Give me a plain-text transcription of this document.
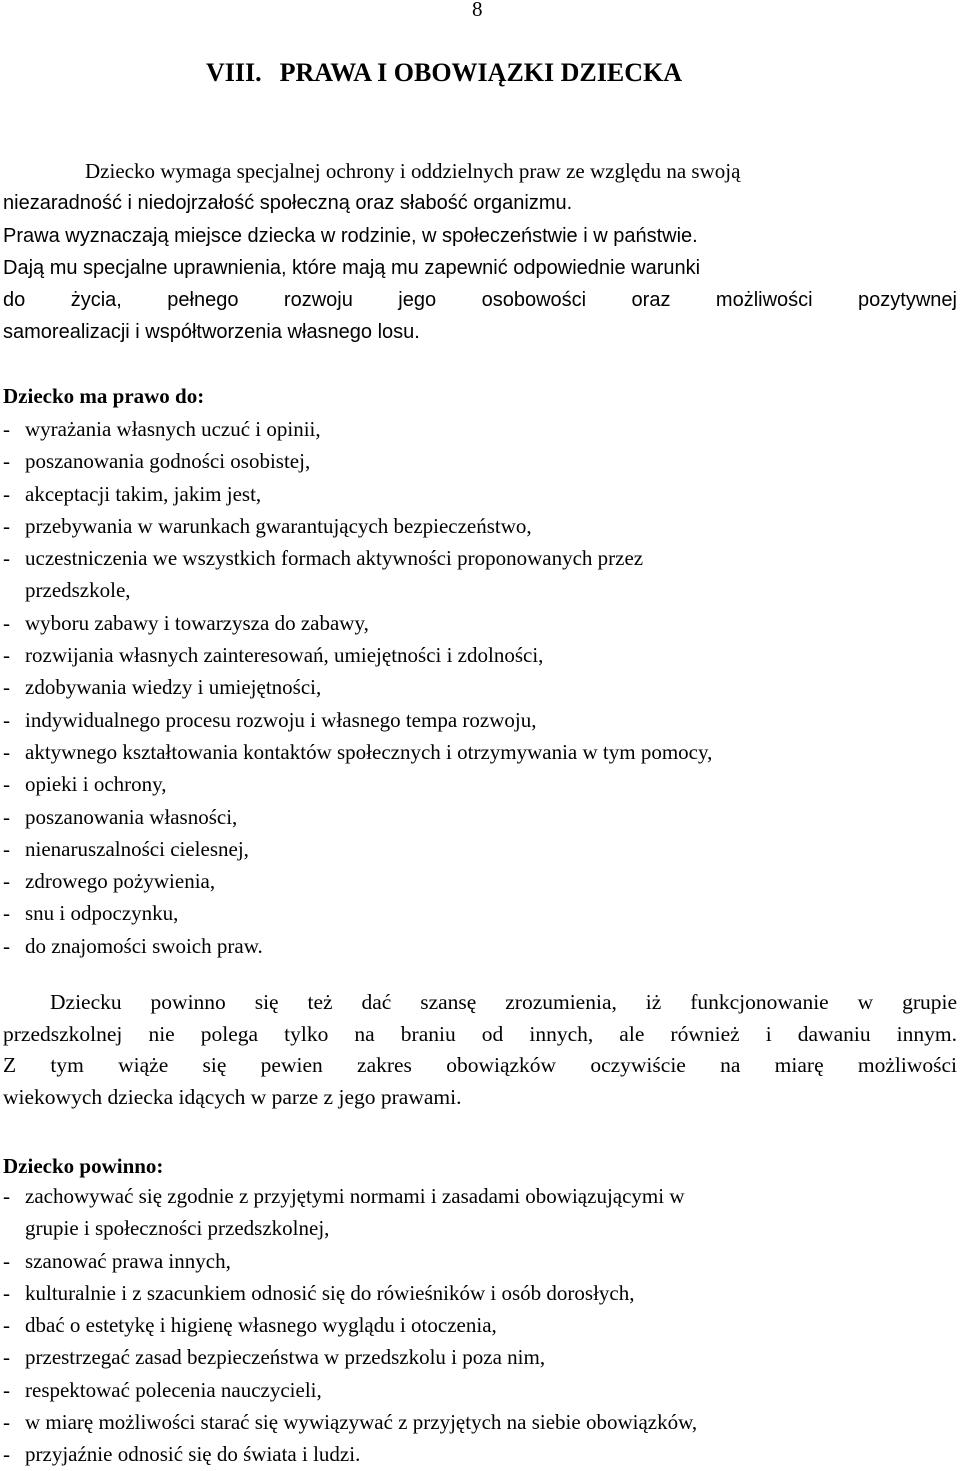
8
VIII. PRAWA I OBOWIĄZKI DZIECKA
Dziecko wymaga specjalnej ochrony i oddzielnych praw ze względu na swoją
niezaradność i niedojrzałość społeczną oraz słabość organizmu.
Prawa wyznaczają miejsce dziecka w rodzinie, w społeczeństwie i w państwie.
Dają mu specjalne uprawnienia, które mają mu zapewnić odpowiednie warunki
do życia, pełnego rozwoju jego osobowości oraz możliwości pozytywnej
samorealizacji i współtworzenia własnego losu.
Dziecko ma prawo do:
- wyrażania własnych uczuć i opinii,
- poszanowania godności osobistej,
- akceptacji takim, jakim jest,
- przebywania w warunkach gwarantujących bezpieczeństwo,
- uczestniczenia we wszystkich formach aktywności proponowanych przez
przedszkole,
- wyboru zabawy i towarzysza do zabawy,
- rozwijania własnych zainteresowań, umiejętności i zdolności,
- zdobywania wiedzy i umiejętności,
- indywidualnego procesu rozwoju i własnego tempa rozwoju,
- aktywnego kształtowania kontaktów społecznych i otrzymywania w tym pomocy,
- opieki i ochrony,
- poszanowania własności,
- nienaruszalności cielesnej,
- zdrowego pożywienia,
- snu i odpoczynku,
- do znajomości swoich praw.
Dziecku powinno się też dać szansę zrozumienia, iż funkcjonowanie w grupie
przedszkolnej nie polega tylko na braniu od innych, ale również i dawaniu innym.
Z tym wiąże się pewien zakres obowiązków oczywiście na miarę możliwości
wiekowych dziecka idących w parze z jego prawami.
Dziecko powinno:
- zachowywać się zgodnie z przyjętymi normami i zasadami obowiązującymi w
grupie i społeczności przedszkolnej,
- szanować prawa innych,
- kulturalnie i z szacunkiem odnosić się do rówieśników i osób dorosłych,
- dbać o estetykę i higienę własnego wyglądu i otoczenia,
- przestrzegać zasad bezpieczeństwa w przedszkolu i poza nim,
- respektować polecenia nauczycieli,
- w miarę możliwości starać się wywiązywać z przyjętych na siebie obowiązków,
- przyjaźnie odnosić się do świata i ludzi.
